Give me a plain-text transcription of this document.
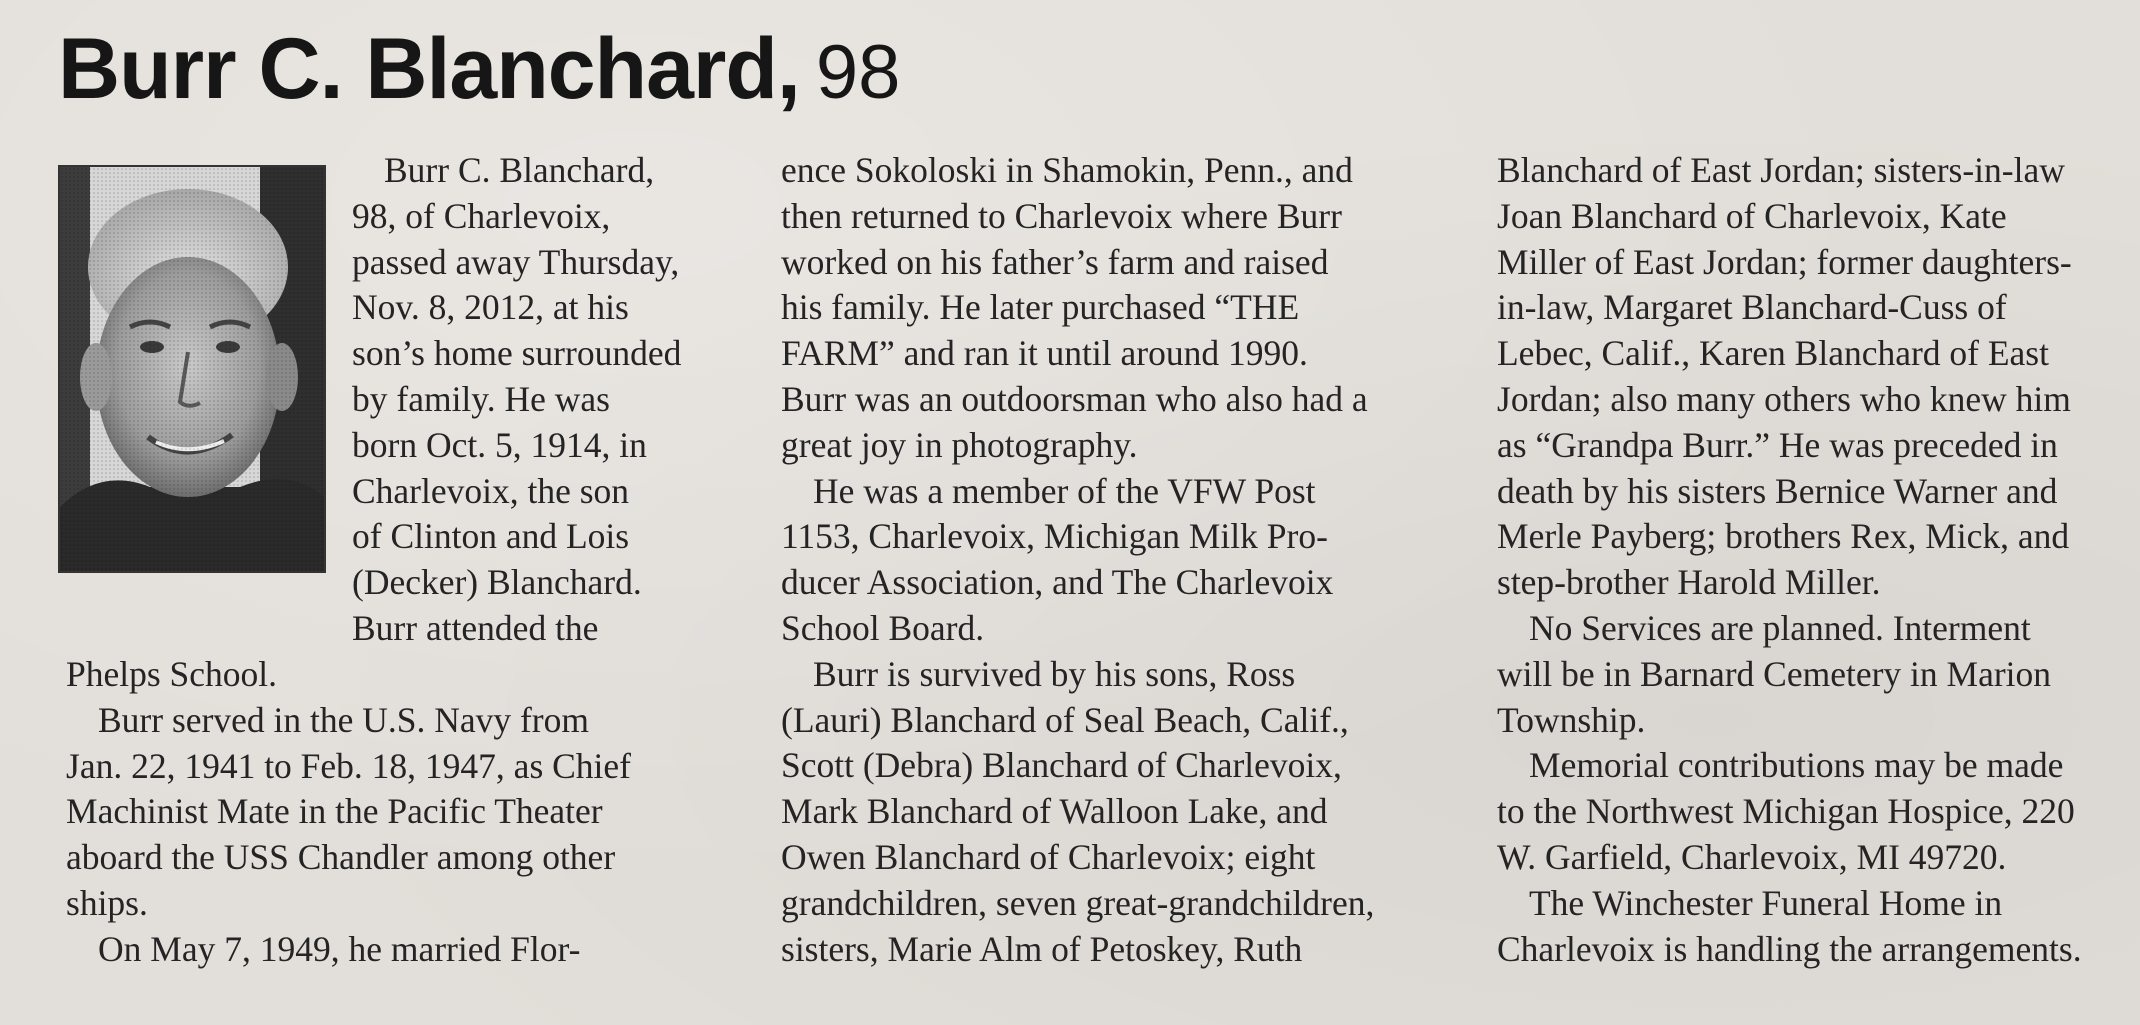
Burr C. Blanchard, 98
Burr C. Blanchard,
98, of Charlevoix,
passed away Thursday,
Nov. 8, 2012, at his
son’s home surrounded
by family. He was
born Oct. 5, 1914, in
Charlevoix, the son
of Clinton and Lois
(Decker) Blanchard.
Burr attended the
Phelps School.
Burr served in the U.S. Navy from
Jan. 22, 1941 to Feb. 18, 1947, as Chief
Machinist Mate in the Pacific Theater
aboard the USS Chandler among other
ships.
On May 7, 1949, he married Flor-
ence Sokoloski in Shamokin, Penn., and
then returned to Charlevoix where Burr
worked on his father’s farm and raised
his family. He later purchased “THE
FARM” and ran it until around 1990.
Burr was an outdoorsman who also had a
great joy in photography.
He was a member of the VFW Post
1153, Charlevoix, Michigan Milk Pro-
ducer Association, and The Charlevoix
School Board.
Burr is survived by his sons, Ross
(Lauri) Blanchard of Seal Beach, Calif.,
Scott (Debra) Blanchard of Charlevoix,
Mark Blanchard of Walloon Lake, and
Owen Blanchard of Charlevoix; eight
grandchildren, seven great-grandchildren,
sisters, Marie Alm of Petoskey, Ruth
Blanchard of East Jordan; sisters-in-law
Joan Blanchard of Charlevoix, Kate
Miller of East Jordan; former daughters-
in-law, Margaret Blanchard-Cuss of
Lebec, Calif., Karen Blanchard of East
Jordan; also many others who knew him
as “Grandpa Burr.” He was preceded in
death by his sisters Bernice Warner and
Merle Payberg; brothers Rex, Mick, and
step-brother Harold Miller.
No Services are planned. Interment
will be in Barnard Cemetery in Marion
Township.
Memorial contributions may be made
to the Northwest Michigan Hospice, 220
W. Garfield, Charlevoix, MI 49720.
The Winchester Funeral Home in
Charlevoix is handling the arrangements.
